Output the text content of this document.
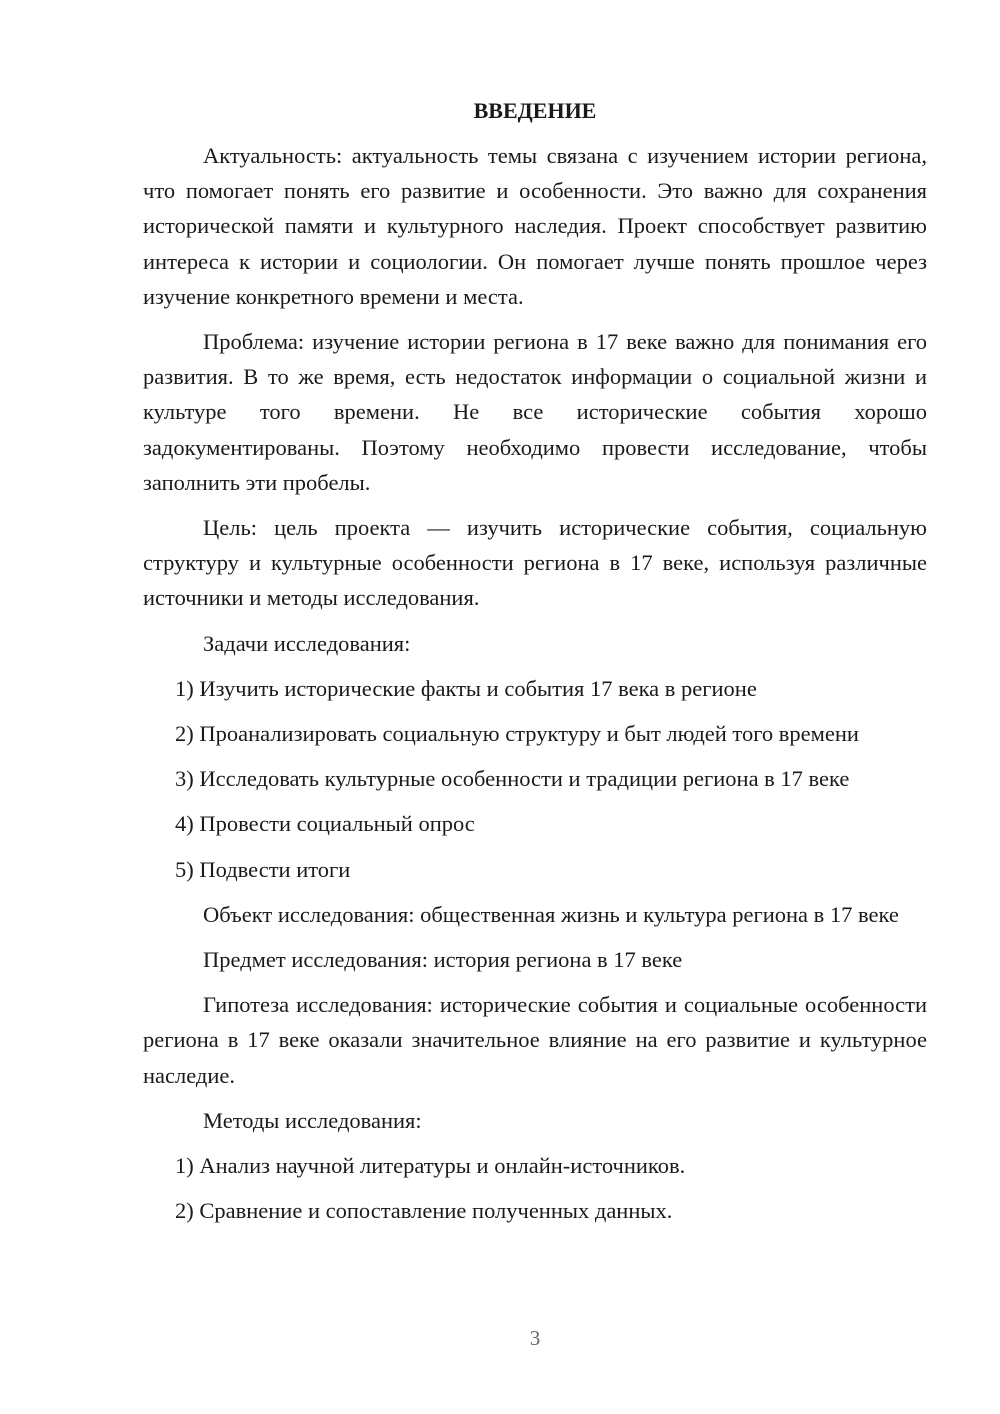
ВВЕДЕНИЕ

Актуальность: актуальность темы связана с изучением истории региона, что помогает понять его развитие и особенности. Это важно для сохранения исторической памяти и культурного наследия. Проект способствует развитию интереса к истории и социологии. Он помогает лучше понять прошлое через изучение конкретного времени и места.

Проблема: изучение истории региона в 17 веке важно для понимания его развития. В то же время, есть недостаток информации о социальной жизни и культуре того времени. Не все исторические события хорошо задокументированы. Поэтому необходимо провести исследование, чтобы заполнить эти пробелы.

Цель: цель проекта — изучить исторические события, социальную структуру и культурные особенности региона в 17 веке, используя различные источники и методы исследования.

Задачи исследования:

1) Изучить исторические факты и события 17 века в регионе

2) Проанализировать социальную структуру и быт людей того времени

3) Исследовать культурные особенности и традиции региона в 17 веке

4) Провести социальный опрос

5) Подвести итоги

Объект исследования: общественная жизнь и культура региона в 17 веке

Предмет исследования: история региона в 17 веке

Гипотеза исследования: исторические события и социальные особенности региона в 17 веке оказали значительное влияние на его развитие и культурное наследие.

Методы исследования:

1) Анализ научной литературы и онлайн-источников.

2) Сравнение и сопоставление полученных данных.

3
